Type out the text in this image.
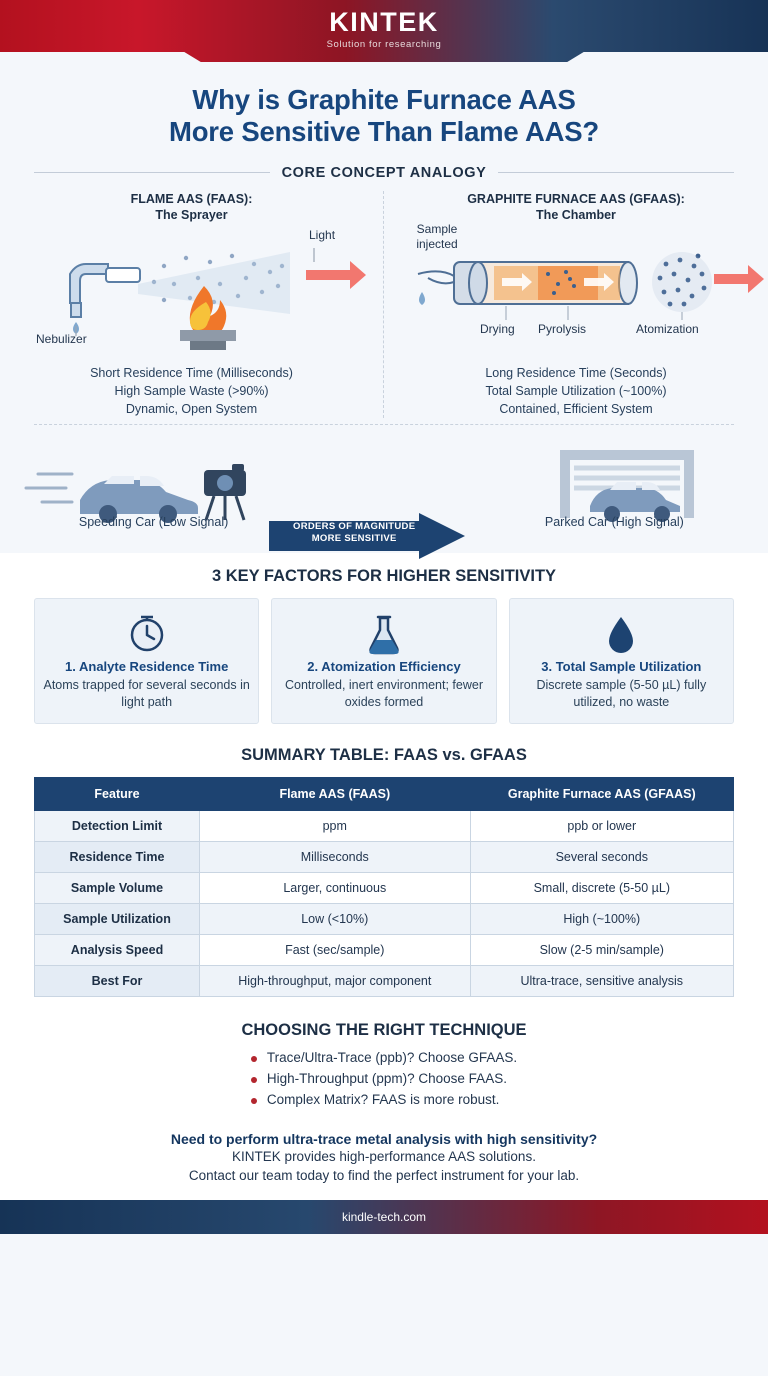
KINTEK
Solution for researching
Why is Graphite Furnace AAS
More Sensitive Than Flame AAS?
CORE CONCEPT ANALOGY
FLAME AAS (FAAS):
The Sprayer
Light
Nebulizer
Short Residence Time (Milliseconds)
High Sample Waste (>90%)
Dynamic, Open System
GRAPHITE FURNACE AAS (GFAAS):
The Chamber
Sample
injected
Drying Pyrolysis	Atomization
Long Residence Time (Seconds)
Total Sample Utilization (~100%)
Contained, Efficient System
Speeding Car (Low Signal)	ORDERS OF MAGNITUDE
MORE SENSITIVE
Parked Car (High Signal)
3 KEY FACTORS FOR HIGHER SENSITIVITY
1. Analyte Residence Time
Atoms trapped for several seconds in light path
2. Atomization Efficiency
Controlled, inert environment; fewer oxides formed
3. Total Sample Utilization
Discrete sample (5-50 µL) fully utilized, no waste
SUMMARY TABLE: FAAS vs. GFAAS
Feature	Flame AAS (FAAS)	Graphite Furnace AAS (GFAAS)
Detection Limit	ppm	ppb or lower
Residence Time	Milliseconds	Several seconds
Sample Volume	Larger, continuous	Small, discrete (5-50 µL)
Sample Utilization	Low (<10%)	High (~100%)
Analysis Speed	Fast (sec/sample)	Slow (2-5 min/sample)
Best For	High-throughput, major component	Ultra-trace, sensitive analysis
CHOOSING THE RIGHT TECHNIQUE
Trace/Ultra-Trace (ppb)? Choose GFAAS.
High-Throughput (ppm)? Choose FAAS.
Complex Matrix? FAAS is more robust.
Need to perform ultra-trace metal analysis with high sensitivity?
KINTEK provides high-performance AAS solutions.
Contact our team today to find the perfect instrument for your lab.
kindle-tech.com
